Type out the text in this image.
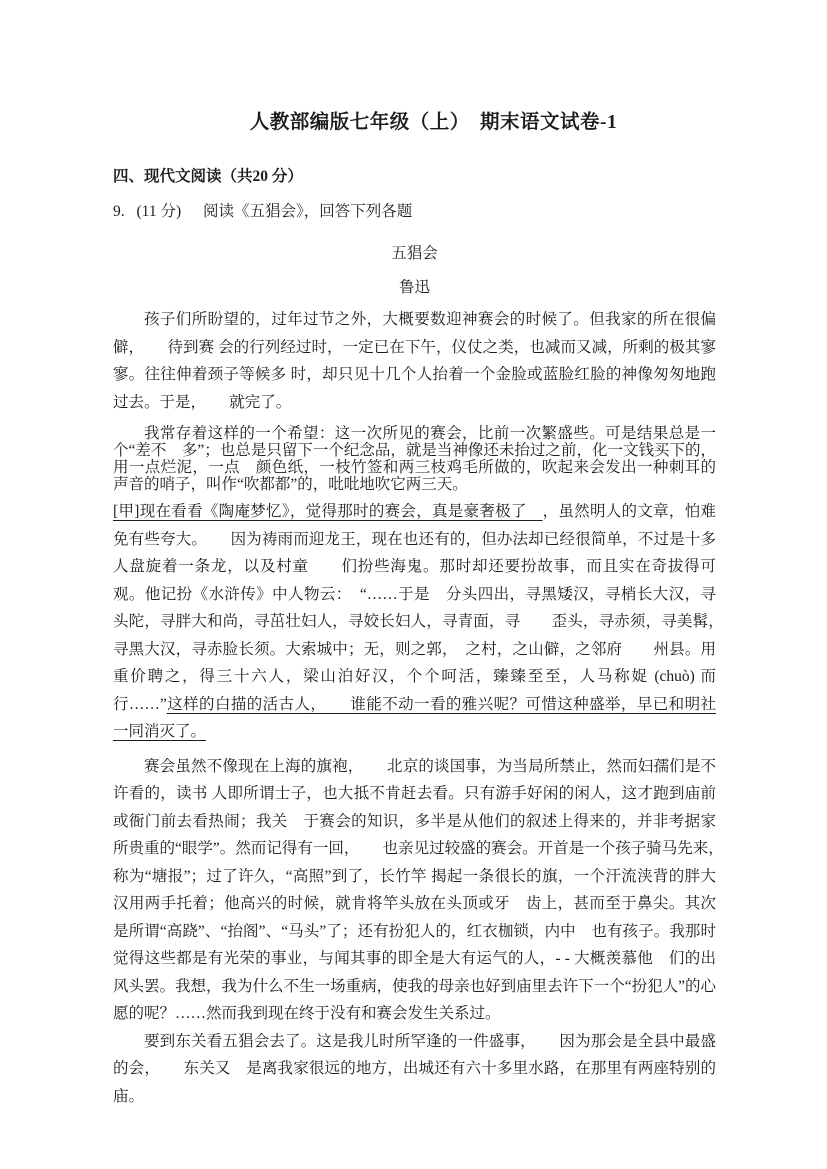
人教部编版七年级（上）　期末语文试卷-1
四、现代文阅读（共20 分）
9. (11 分) 阅读《五猖会》，回答下列各题
五猖会
鲁迅

孩子们所盼望的，过年过节之外，大概要数迎神赛会的时候了。但我家的所在很偏僻，　　待到赛 会的行列经过时，一定已在下午，仪仗之类，也减而又减，所剩的极其寥寥。往往伸着颈子等候多 时，却只见十几个人抬着一个金脸或蓝脸红脸的神像匆匆地跑过去。于是，　　就完了。

我常存着这样的一个希望：这一次所见的赛会，比前一次繁盛些。可是结果总是一个“差不　多”；也总是只留下一个纪念品，就是当神像还未抬过之前，化一文钱买下的，用一点烂泥，一点　颜色纸，一枝竹签和两三枝鸡毛所做的，吹起来会发出一种刺耳的声音的哨子，叫作“吹都都”的，吡吡地吹它两三天。

[甲]现在看看《陶庵梦忆》，觉得那时的赛会，真是豪奢极了　，虽然明人的文章，怕难免有些夸大。　　因为祷雨而迎龙王，现在也还有的，但办法却已经很简单，不过是十多人盘旋着一条龙，以及村童　　们扮些海鬼。那时却还要扮故事，而且实在奇拔得可观。他记扮《水浒传》中人物云：　“……于是　分头四出，寻黑矮汉，寻梢长大汉，寻头陀，寻胖大和尚，寻茁壮妇人，寻姣长妇人，寻青面，寻　　歪头，寻赤须，寻美髯，　寻黑大汉，寻赤脸长须。大索城中；无，则之郭，　之村，之山僻，之邻府　　州县。用重价聘之，得三十六人，梁山泊好汉，个个呵活，臻臻至至，人马称娖 (chuò) 而行……”这样的白描的活古人，　　谁能不动一看的雅兴呢？可惜这种盛举，早已和明社一同消灭了。

赛会虽然不像现在上海的旗袍，　　北京的谈国事，为当局所禁止，然而妇孺们是不许看的，读书 人即所谓士子，也大抵不肯赶去看。只有游手好闲的闲人，这才跑到庙前或衙门前去看热闹；我关　于赛会的知识，多半是从他们的叙述上得来的，并非考据家所贵重的“眼学”。然而记得有一回，　　也亲见过较盛的赛会。开首是一个孩子骑马先来，　　称为“塘报”；过了许久，“高照”到了，长竹竿 揭起一条很长的旗，一个汗流浃背的胖大汉用两手托着；他高兴的时候，就肯将竿头放在头顶或牙　齿上，甚而至于鼻尖。其次是所谓“高跷”、“抬阁”、“马头”了；还有扮犯人的，红衣枷锁，内中　也有孩子。我那时觉得这些都是有光荣的事业，与闻其事的即全是大有运气的人，- - 大概羡慕他　们的出风头罢。我想，我为什么不生一场重病，使我的母亲也好到庙里去许下一个“扮犯人”的心　愿的呢？……然而我到现在终于没有和赛会发生关系过。

要到东关看五猖会去了。这是我儿时所罕逢的一件盛事，　　因为那会是全县中最盛的会，　　东关又　是离我家很远的地方，出城还有六十多里水路，在那里有两座特别的庙。
